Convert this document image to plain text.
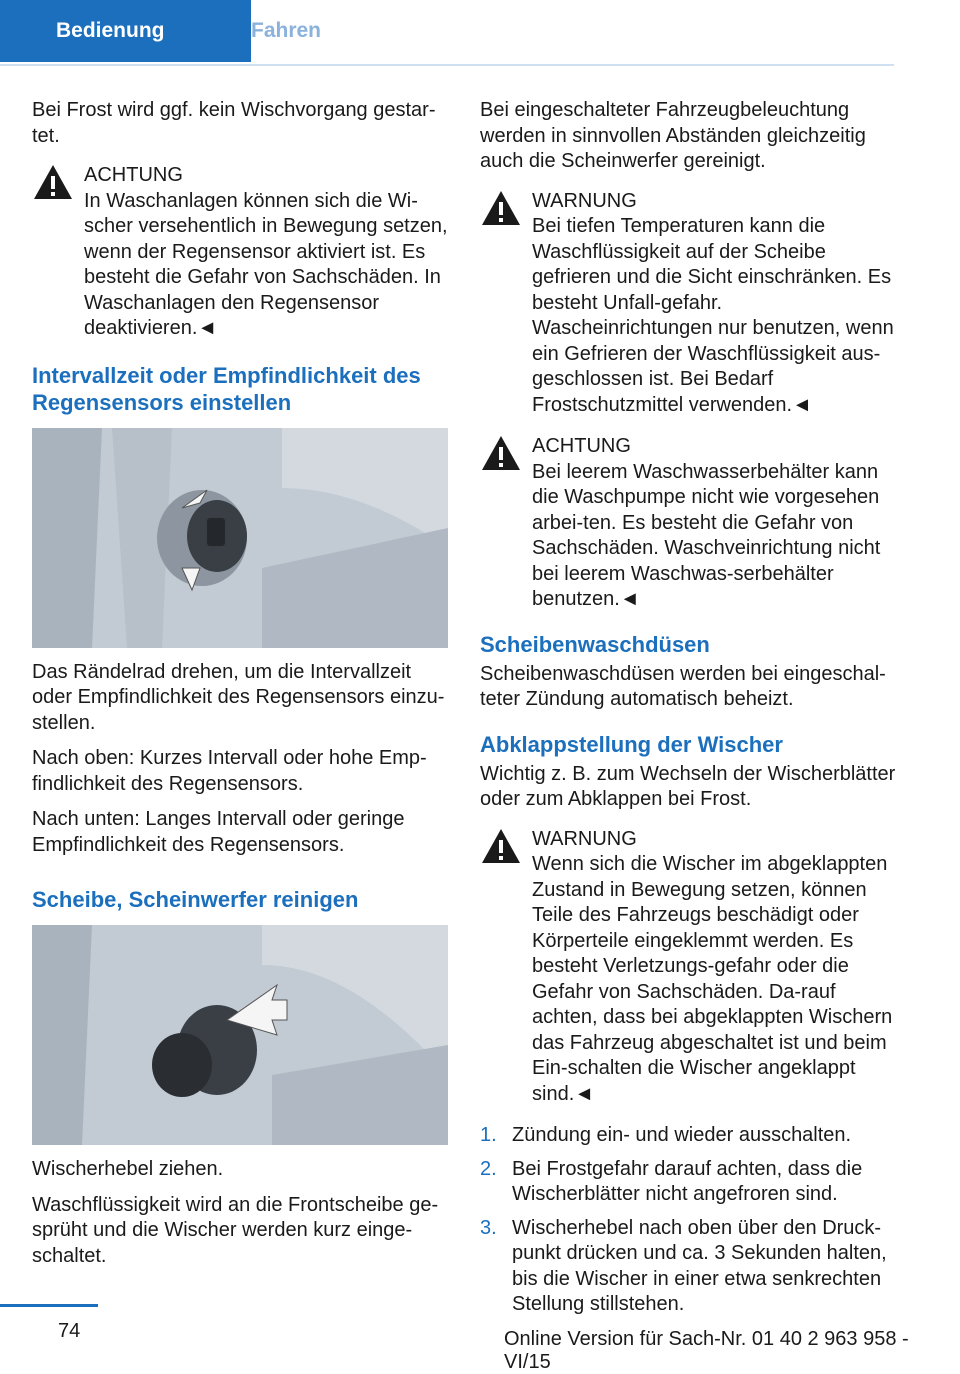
Bedienung	Fahren

Bei Frost wird ggf. kein Wischvorgang gestar-tet.

ACHTUNG
In Waschanlagen können sich die Wi-scher versehentlich in Bewegung setzen, wenn der Regensensor aktiviert ist. Es besteht die Gefahr von Sachschäden. In Waschanlagen den Regensensor deaktivieren.◄
Intervallzeit oder Empfindlichkeit des Regensensors einstellen

Das Rändelrad drehen, um die Intervallzeit oder Empfindlichkeit des Regensensors einzu-stellen.

Nach oben: Kurzes Intervall oder hohe Emp-findlichkeit des Regensensors.

Nach unten: Langes Intervall oder geringe Empfindlichkeit des Regensensors.

Scheibe, Scheinwerfer reinigen

Wischerhebel ziehen.

Waschflüssigkeit wird an die Frontscheibe ge-sprüht und die Wischer werden kurz einge-schaltet.

Bei eingeschalteter Fahrzeugbeleuchtung werden in sinnvollen Abständen gleichzeitig auch die Scheinwerfer gereinigt.

WARNUNG
Bei tiefen Temperaturen kann die Waschflüssigkeit auf der Scheibe gefrieren und die Sicht einschränken. Es besteht Unfall-gefahr. Wascheinrichtungen nur benutzen, wenn ein Gefrieren der Waschflüssigkeit aus-geschlossen ist. Bei Bedarf Frostschutzmittel verwenden.◄
ACHTUNG
Bei leerem Waschwasserbehälter kann die Waschpumpe nicht wie vorgesehen arbei-ten. Es besteht die Gefahr von Sachschäden. Waschveinrichtung nicht bei leerem Waschwas-serbehälter benutzen.◄
Scheibenwaschdüsen

Scheibenwaschdüsen werden bei eingeschal-teter Zündung automatisch beheizt.

Abklappstellung der Wischer

Wichtig z. B. zum Wechseln der Wischerblätter oder zum Abklappen bei Frost.

WARNUNG
Wenn sich die Wischer im abgeklappten Zustand in Bewegung setzen, können Teile des Fahrzeugs beschädigt oder Körperteile eingeklemmt werden. Es besteht Verletzungs-gefahr oder die Gefahr von Sachschäden. Da-rauf achten, dass bei abgeklappten Wischern das Fahrzeug abgeschaltet ist und beim Ein-schalten die Wischer angeklappt sind.◄
1. Zündung ein- und wieder ausschalten.
2. Bei Frostgefahr darauf achten, dass die Wischerblätter nicht angefroren sind.
3. Wischerhebel nach oben über den Druck-punkt drücken und ca. 3 Sekunden halten, bis die Wischer in einer etwa senkrechten Stellung stillstehen.
74	Online Version für Sach-Nr. 01 40 2 963 958 - VI/15
